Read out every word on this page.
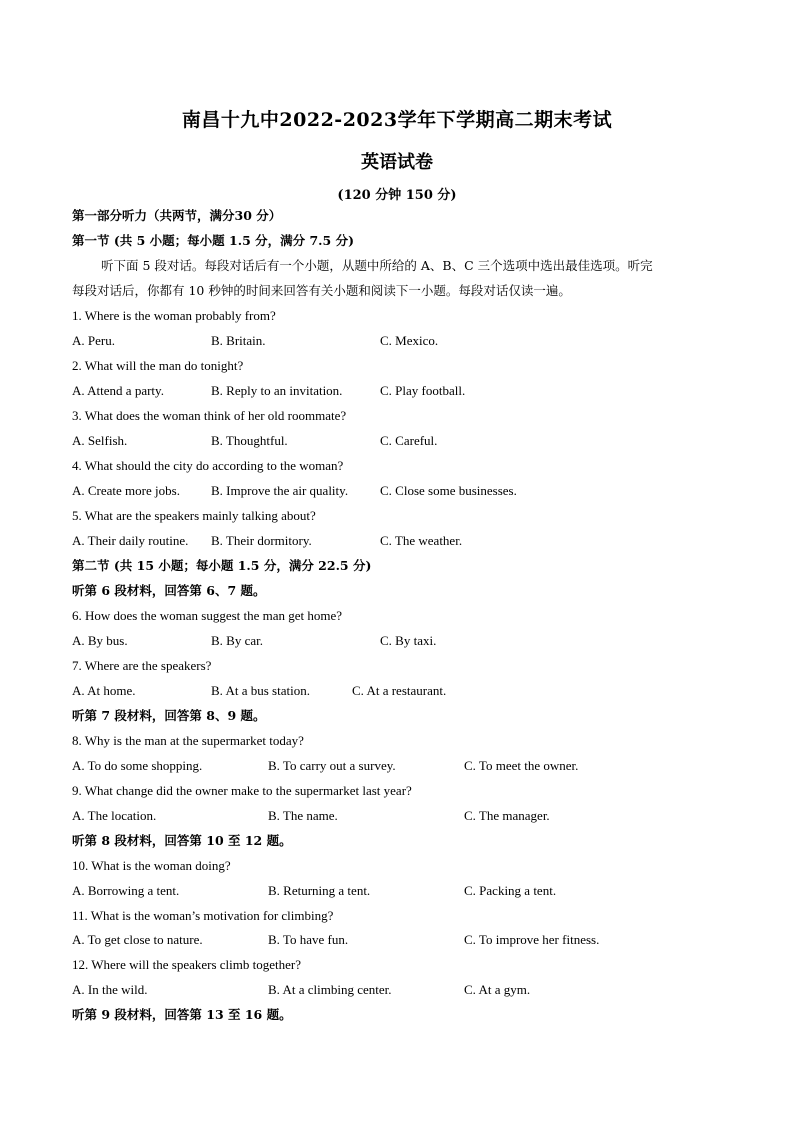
南昌十九中2022-2023学年下学期高二期末考试
英语试卷
(120 分钟 150 分)
第一部分听力（共两节，满分30 分）
第一节 (共 5 小题；每小题 1.5 分，满分 7.5 分)
听下面 5 段对话。每段对话后有一个小题，从题中所给的 A、B、C 三个选项中选出最佳选项。听完
每段对话后，你都有 10 秒钟的时间来回答有关小题和阅读下一小题。每段对话仅读一遍。
1. Where is the woman probably from?
A. Peru.	B. Britain.	C. Mexico.
2. What will the man do tonight?
A. Attend a party.	B. Reply to an invitation.	C. Play football.
3. What does the woman think of her old roommate?
A. Selfish.	B. Thoughtful.	C. Careful.
4. What should the city do according to the woman?
A. Create more jobs. B. Improve the air quality. C. Close some businesses.
5. What are the speakers mainly talking about?
A. Their daily routine. B. Their dormitory.	C. The weather.
第二节 (共 15 小题；每小题 1.5 分，满分 22.5 分)
听第 6 段材料，回答第 6、7 题。
6. How does the woman suggest the man get home?
A. By bus.	B. By car.	C. By taxi.
7. Where are the speakers?
A. At home.	B. At a bus station.	C. At a restaurant.
听第 7 段材料，回答第 8、9 题。
8. Why is the man at the supermarket today?
A. To do some shopping.	B. To carry out a survey.	C. To meet the owner.
9. What change did the owner make to the supermarket last year?
A. The location.	B. The name.	C. The manager.
听第 8 段材料，回答第 10 至 12 题。
10. What is the woman doing?
A. Borrowing a tent.	B. Returning a tent.	C. Packing a tent.
11. What is the woman’s motivation for climbing?
A. To get close to nature.	B. To have fun.	C. To improve her fitness.
12. Where will the speakers climb together?
A. In the wild.	B. At a climbing center.	C. At a gym.
听第 9 段材料，回答第 13 至 16 题。
